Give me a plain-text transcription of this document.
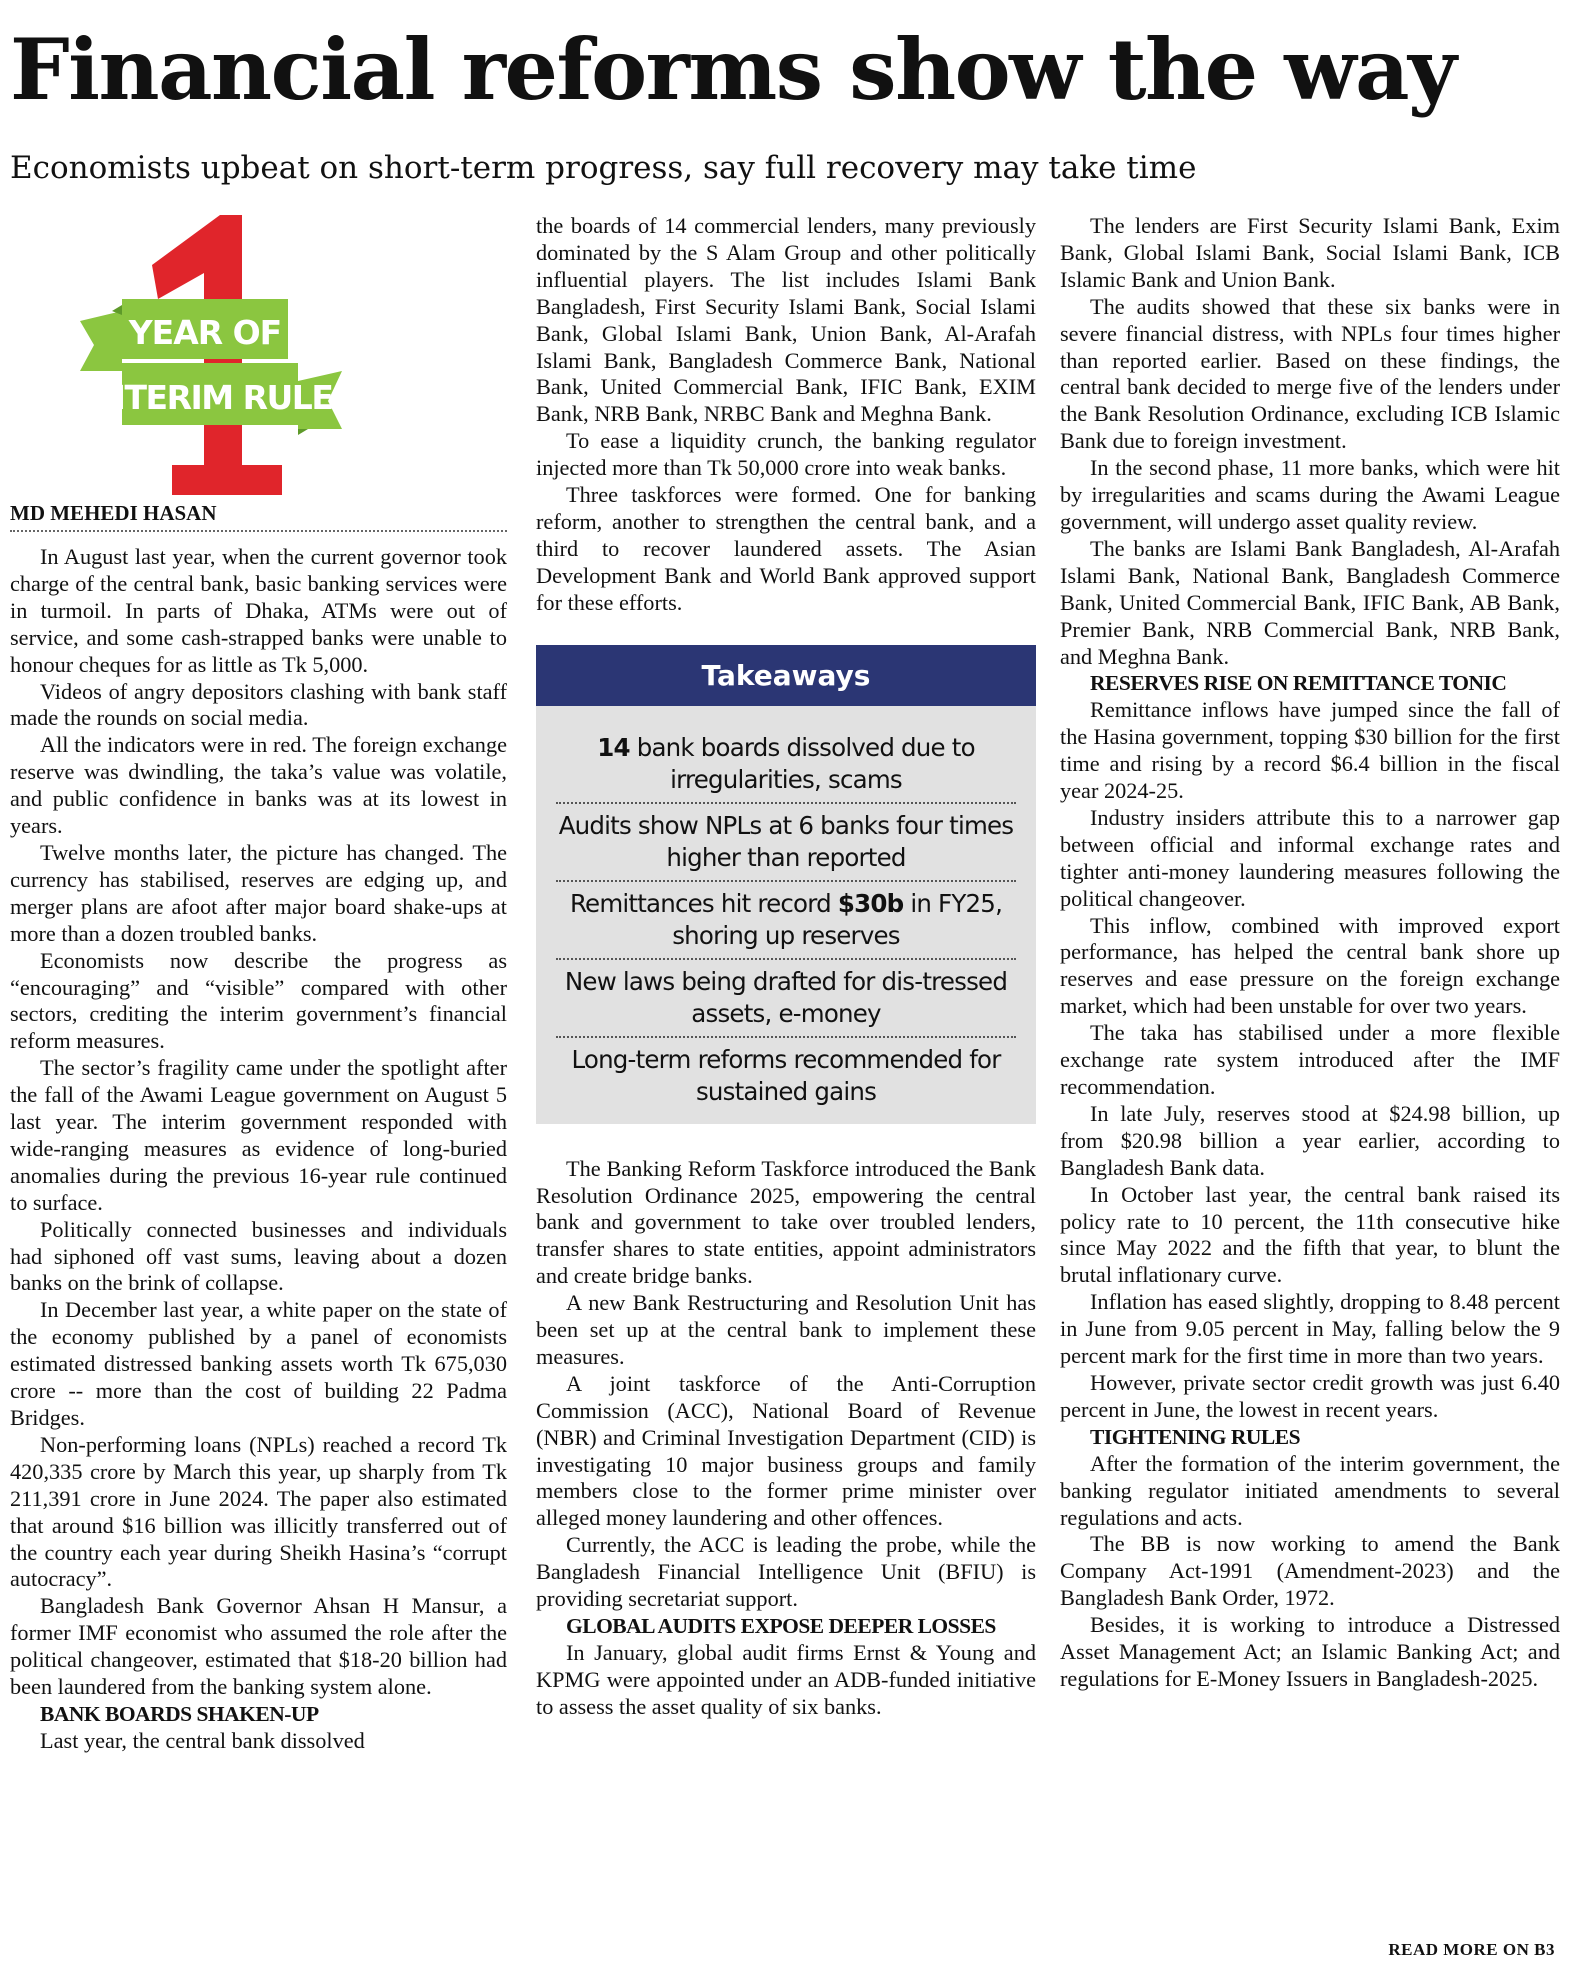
Financial reforms show the way
Economists upbeat on short-term progress, say full recovery may take time
YEAR OF
INTERIM RULE
MD MEHEDI HASAN

In August last year, when the current governor took charge of the central bank, basic banking services were in turmoil. In parts of Dhaka, ATMs were out of service, and some cash-strapped banks were unable to honour cheques for as little as Tk 5,000.

Videos of angry depositors clashing with bank staff made the rounds on social media.

All the indicators were in red. The foreign exchange reserve was dwindling, the taka’s value was volatile, and public confidence in banks was at its lowest in years.

Twelve months later, the picture has changed. The currency has stabilised, reserves are edging up, and merger plans are afoot after major board shake-ups at more than a dozen troubled banks.

Economists now describe the progress as “encouraging” and “visible” compared with other sectors, crediting the interim government’s financial reform measures.

The sector’s fragility came under the spotlight after the fall of the Awami League government on August 5 last year. The interim government responded with wide-ranging measures as evidence of long-buried anomalies during the previous 16-year rule continued to surface.

Politically connected businesses and individuals had siphoned off vast sums, leaving about a dozen banks on the brink of collapse.

In December last year, a white paper on the state of the economy published by a panel of economists estimated distressed banking assets worth Tk 675,030 crore -- more than the cost of building 22 Padma Bridges.

Non-performing loans (NPLs) reached a record Tk 420,335 crore by March this year, up sharply from Tk 211,391 crore in June 2024. The paper also estimated that around $16 billion was illicitly transferred out of the country each year during Sheikh Hasina’s “corrupt autocracy”.

Bangladesh Bank Governor Ahsan H Mansur, a former IMF economist who assumed the role after the political changeover, estimated that $18-20 billion had been laundered from the banking system alone.

BANK BOARDS SHAKEN-UP

Last year, the central bank dissolved

the boards of 14 commercial lenders, many previously dominated by the S Alam Group and other politically influential players. The list includes Islami Bank Bangladesh, First Security Islami Bank, Social Islami Bank, Global Islami Bank, Union Bank, Al-Arafah Islami Bank, Bangladesh Commerce Bank, National Bank, United Commercial Bank, IFIC Bank, EXIM Bank, NRB Bank, NRBC Bank and Meghna Bank.

To ease a liquidity crunch, the banking regulator injected more than Tk 50,000 crore into weak banks.

Three taskforces were formed. One for banking reform, another to strengthen the central bank, and a third to recover laundered assets. The Asian Development Bank and World Bank approved support for these efforts.

Takeaways
14 bank boards dissolved due to irregularities, scams
Audits show NPLs at 6 banks four times higher than reported
Remittances hit record $30b in FY25, shoring up reserves
New laws being drafted for dis-tressed assets, e-money
Long-term reforms recommended for sustained gains

The Banking Reform Taskforce introduced the Bank Resolution Ordinance 2025, empowering the central bank and government to take over troubled lenders, transfer shares to state entities, appoint administrators and create bridge banks.

A new Bank Restructuring and Resolution Unit has been set up at the central bank to implement these measures.

A joint taskforce of the Anti-Corruption Commission (ACC), National Board of Revenue (NBR) and Criminal Investigation Department (CID) is investigating 10 major business groups and family members close to the former prime minister over alleged money laundering and other offences.

Currently, the ACC is leading the probe, while the Bangladesh Financial Intelligence Unit (BFIU) is providing secretariat support.

GLOBAL AUDITS EXPOSE DEEPER LOSSES

In January, global audit firms Ernst & Young and KPMG were appointed under an ADB-funded initiative to assess the asset quality of six banks.

The lenders are First Security Islami Bank, Exim Bank, Global Islami Bank, Social Islami Bank, ICB Islamic Bank and Union Bank.

The audits showed that these six banks were in severe financial distress, with NPLs four times higher than reported earlier. Based on these findings, the central bank decided to merge five of the lenders under the Bank Resolution Ordinance, excluding ICB Islamic Bank due to foreign investment.

In the second phase, 11 more banks, which were hit by irregularities and scams during the Awami League government, will undergo asset quality review.

The banks are Islami Bank Bangladesh, Al-Arafah Islami Bank, National Bank, Bangladesh Commerce Bank, United Commercial Bank, IFIC Bank, AB Bank, Premier Bank, NRB Commercial Bank, NRB Bank, and Meghna Bank.

RESERVES RISE ON REMITTANCE TONIC

Remittance inflows have jumped since the fall of the Hasina government, topping $30 billion for the first time and rising by a record $6.4 billion in the fiscal year 2024-25.

Industry insiders attribute this to a narrower gap between official and informal exchange rates and tighter anti-money laundering measures following the political changeover.

This inflow, combined with improved export performance, has helped the central bank shore up reserves and ease pressure on the foreign exchange market, which had been unstable for over two years.

The taka has stabilised under a more flexible exchange rate system introduced after the IMF recommendation.

In late July, reserves stood at $24.98 billion, up from $20.98 billion a year earlier, according to Bangladesh Bank data.

In October last year, the central bank raised its policy rate to 10 percent, the 11th consecutive hike since May 2022 and the fifth that year, to blunt the brutal inflationary curve.

Inflation has eased slightly, dropping to 8.48 percent in June from 9.05 percent in May, falling below the 9 percent mark for the first time in more than two years.

However, private sector credit growth was just 6.40 percent in June, the lowest in recent years.

TIGHTENING RULES

After the formation of the interim government, the banking regulator initiated amendments to several regulations and acts.

The BB is now working to amend the Bank Company Act-1991 (Amendment-2023) and the Bangladesh Bank Order, 1972.

Besides, it is working to introduce a Distressed Asset Management Act; an Islamic Banking Act; and regulations for E-Money Issuers in Bangladesh-2025.

READ MORE ON B3
